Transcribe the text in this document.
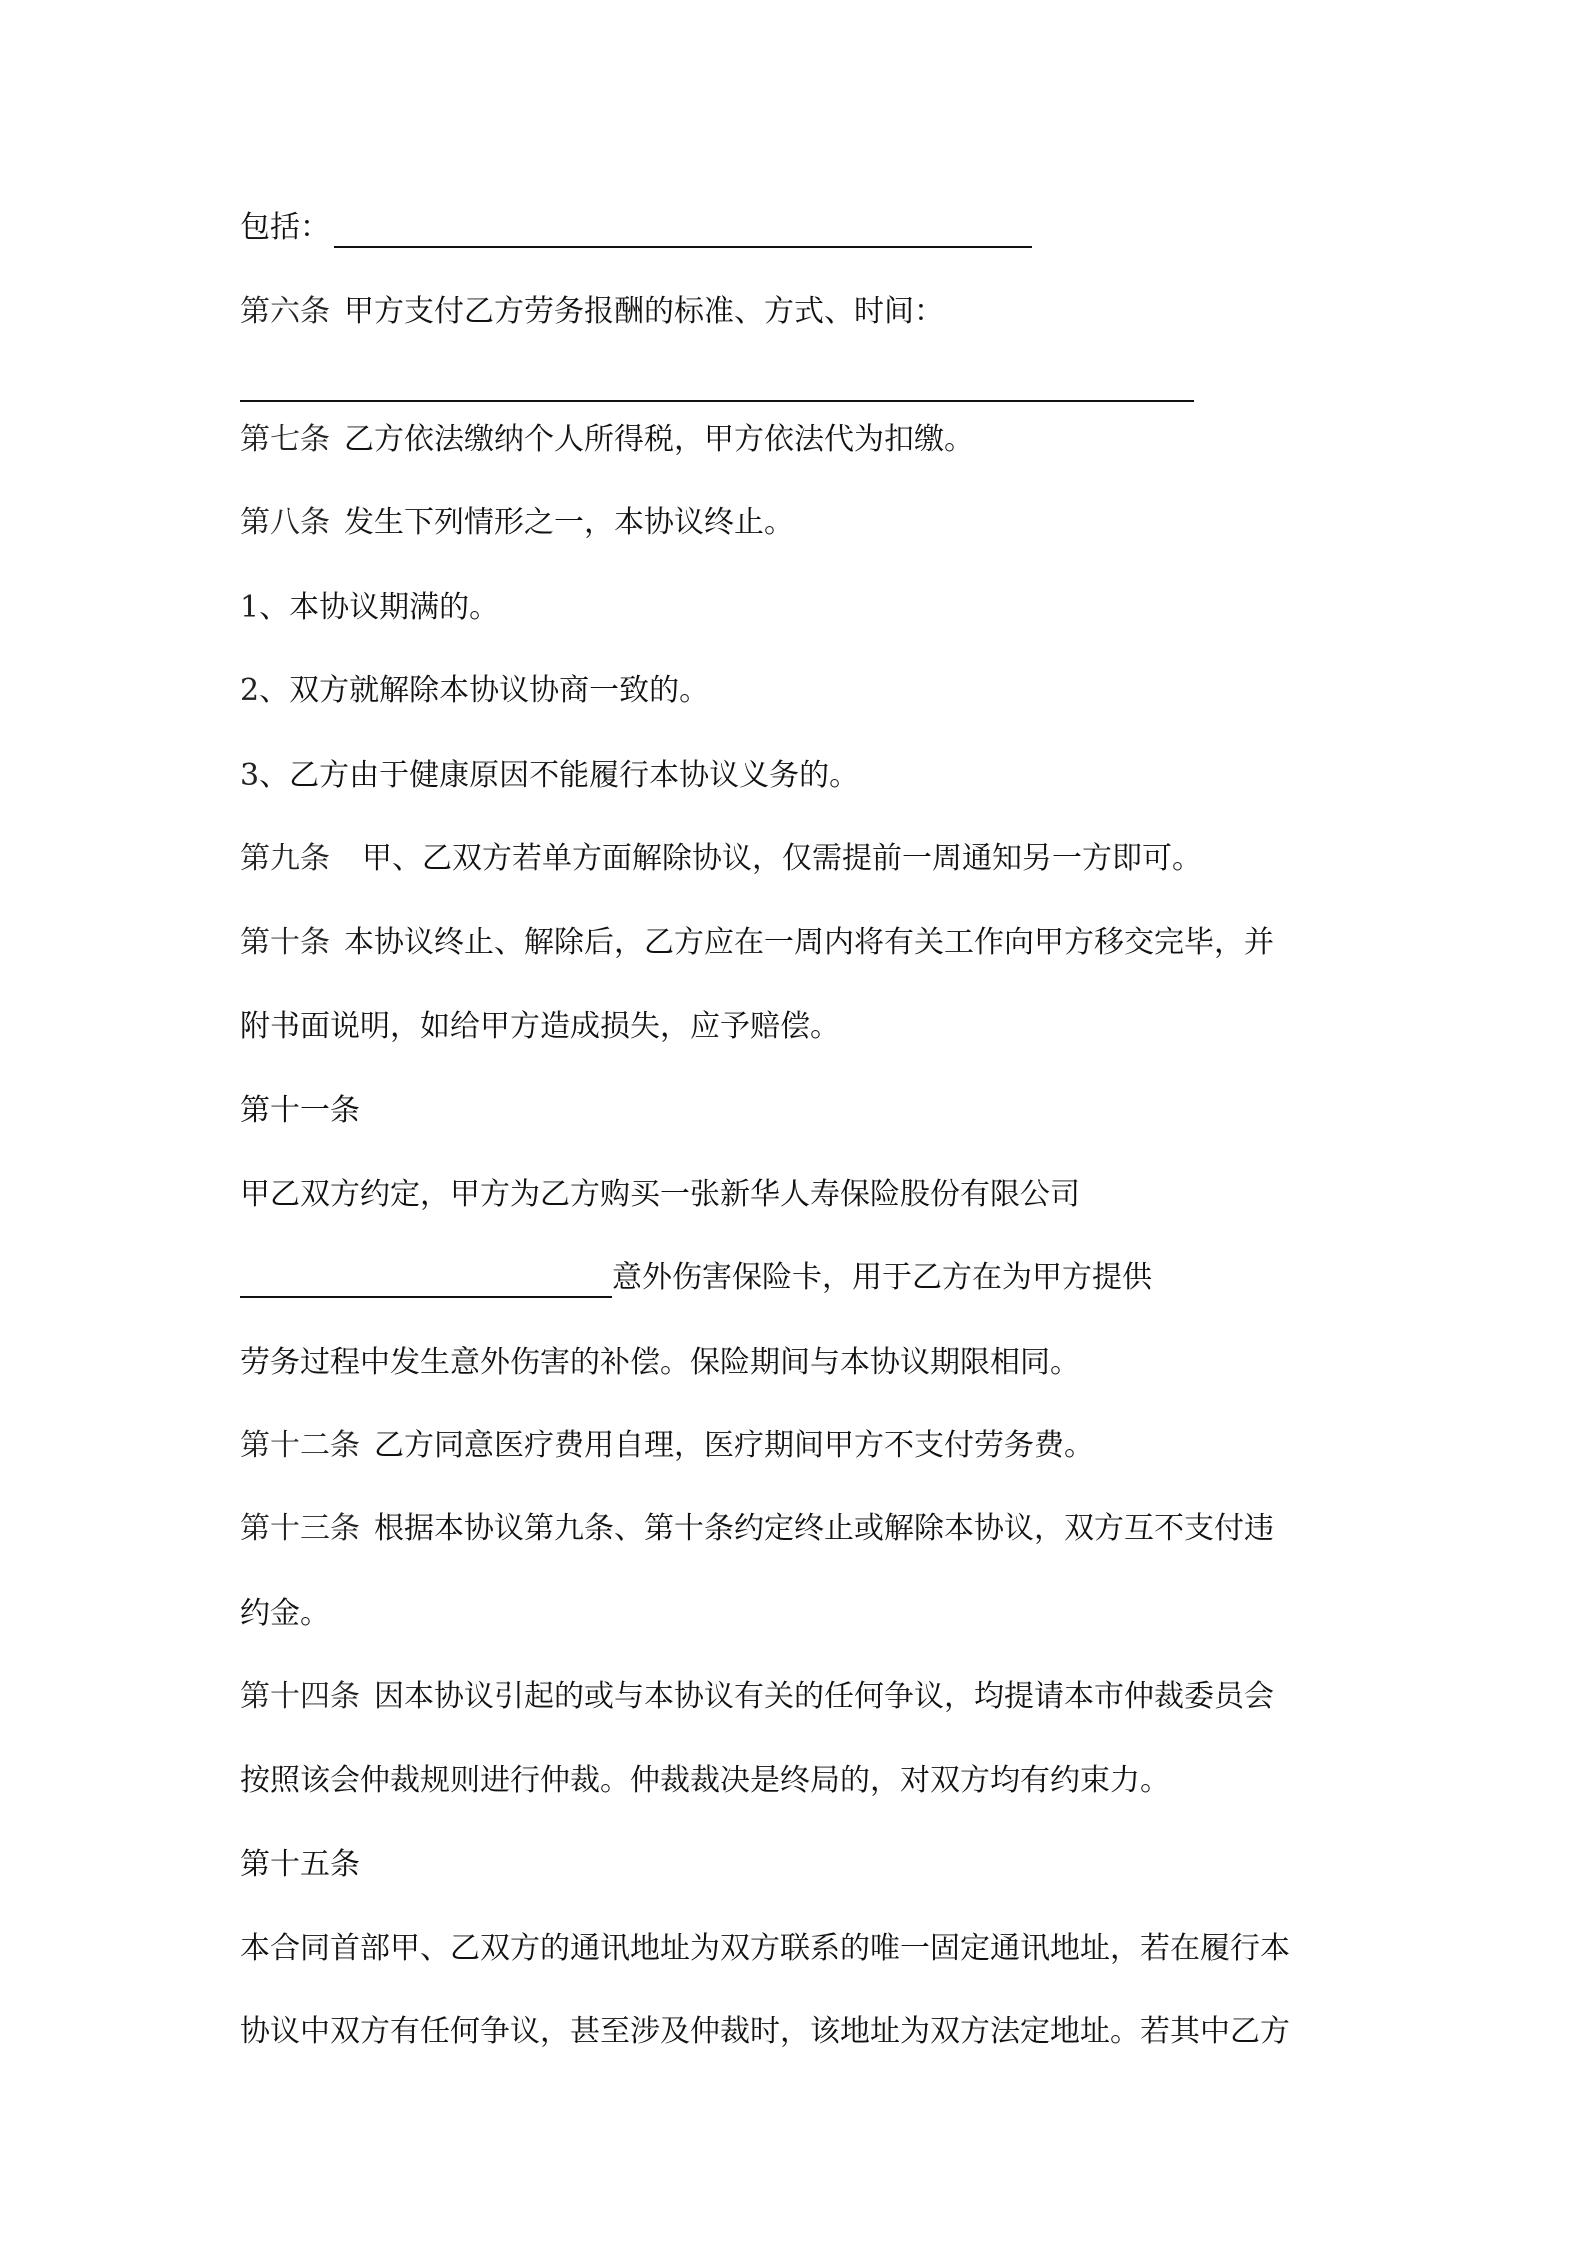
包括：
第六条 甲方支付乙方劳务报酬的标准、方式、时间：
第七条 乙方依法缴纳个人所得税，甲方依法代为扣缴。
第八条 发生下列情形之一，本协议终止。
1、本协议期满的。
2、双方就解除本协议协商一致的。
3、乙方由于健康原因不能履行本协议义务的。
第九条 甲、乙双方若单方面解除协议，仅需提前一周通知另一方即可。
第十条 本协议终止、解除后，乙方应在一周内将有关工作向甲方移交完毕，并
附书面说明，如给甲方造成损失，应予赔偿。
第十一条
甲乙双方约定，甲方为乙方购买一张新华人寿保险股份有限公司
意外伤害保险卡，用于乙方在为甲方提供
劳务过程中发生意外伤害的补偿。保险期间与本协议期限相同。
第十二条 乙方同意医疗费用自理，医疗期间甲方不支付劳务费。
第十三条 根据本协议第九条、第十条约定终止或解除本协议，双方互不支付违
约金。
第十四条 因本协议引起的或与本协议有关的任何争议，均提请本市仲裁委员会
按照该会仲裁规则进行仲裁。仲裁裁决是终局的，对双方均有约束力。
第十五条
本合同首部甲、乙双方的通讯地址为双方联系的唯一固定通讯地址，若在履行本
协议中双方有任何争议，甚至涉及仲裁时，该地址为双方法定地址。若其中乙方
